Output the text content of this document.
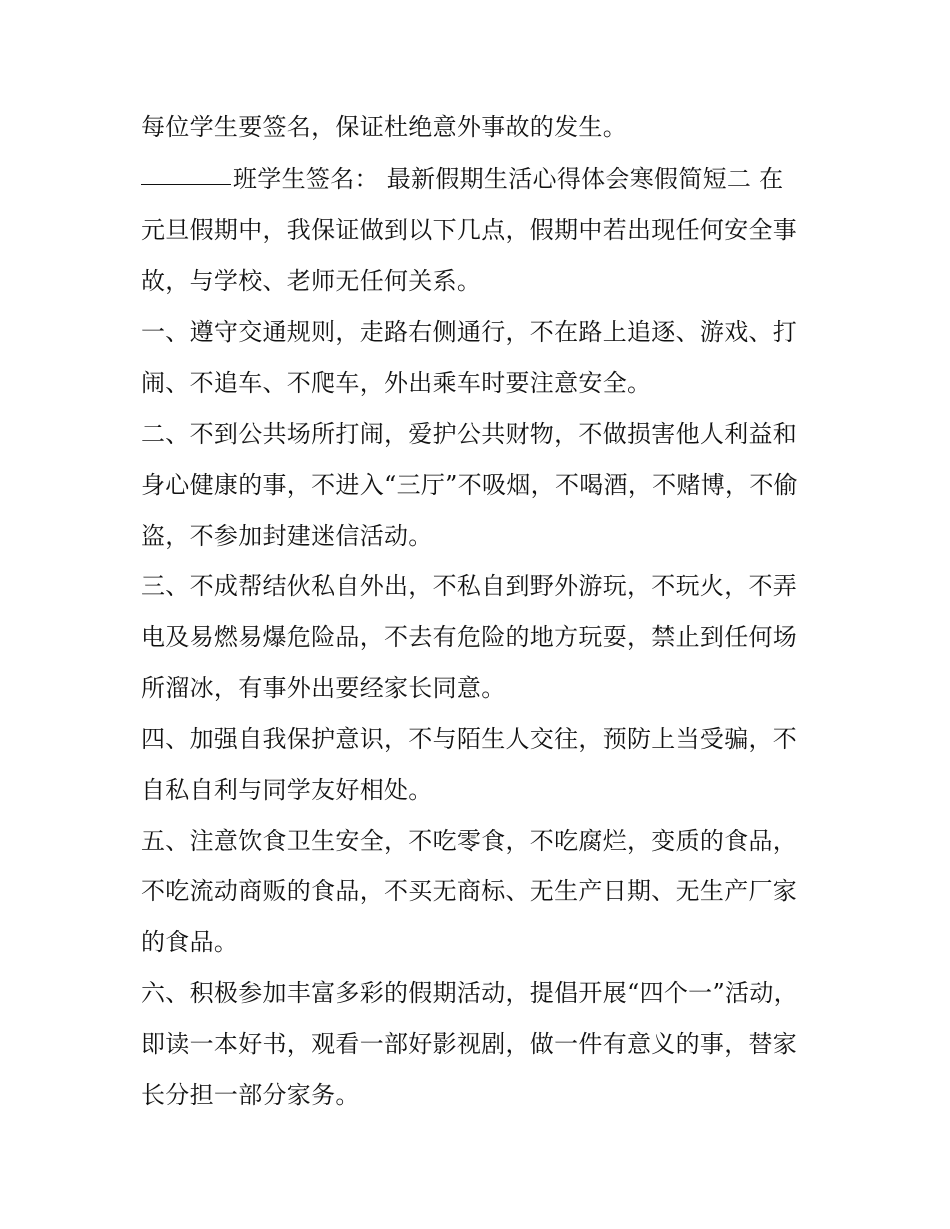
每位学生要签名，保证杜绝意外事故的发生。
班学生签名： 最新假期生活心得体会寒假简短二 在
元旦假期中，我保证做到以下几点，假期中若出现任何安全事
故，与学校、老师无任何关系。
一、遵守交通规则，走路右侧通行，不在路上追逐、游戏、打
闹、不追车、不爬车，外出乘车时要注意安全。
二、不到公共场所打闹，爱护公共财物，不做损害他人利益和
身心健康的事，不进入“三厅”不吸烟，不喝酒，不赌博，不偷
盗，不参加封建迷信活动。
三、不成帮结伙私自外出，不私自到野外游玩，不玩火，不弄
电及易燃易爆危险品，不去有危险的地方玩耍，禁止到任何场
所溜冰，有事外出要经家长同意。
四、加强自我保护意识，不与陌生人交往，预防上当受骗，不
自私自利与同学友好相处。
五、注意饮食卫生安全，不吃零食，不吃腐烂，变质的食品，
不吃流动商贩的食品，不买无商标、无生产日期、无生产厂家
的食品。
六、积极参加丰富多彩的假期活动，提倡开展“四个一”活动，
即读一本好书，观看一部好影视剧，做一件有意义的事，替家
长分担一部分家务。
